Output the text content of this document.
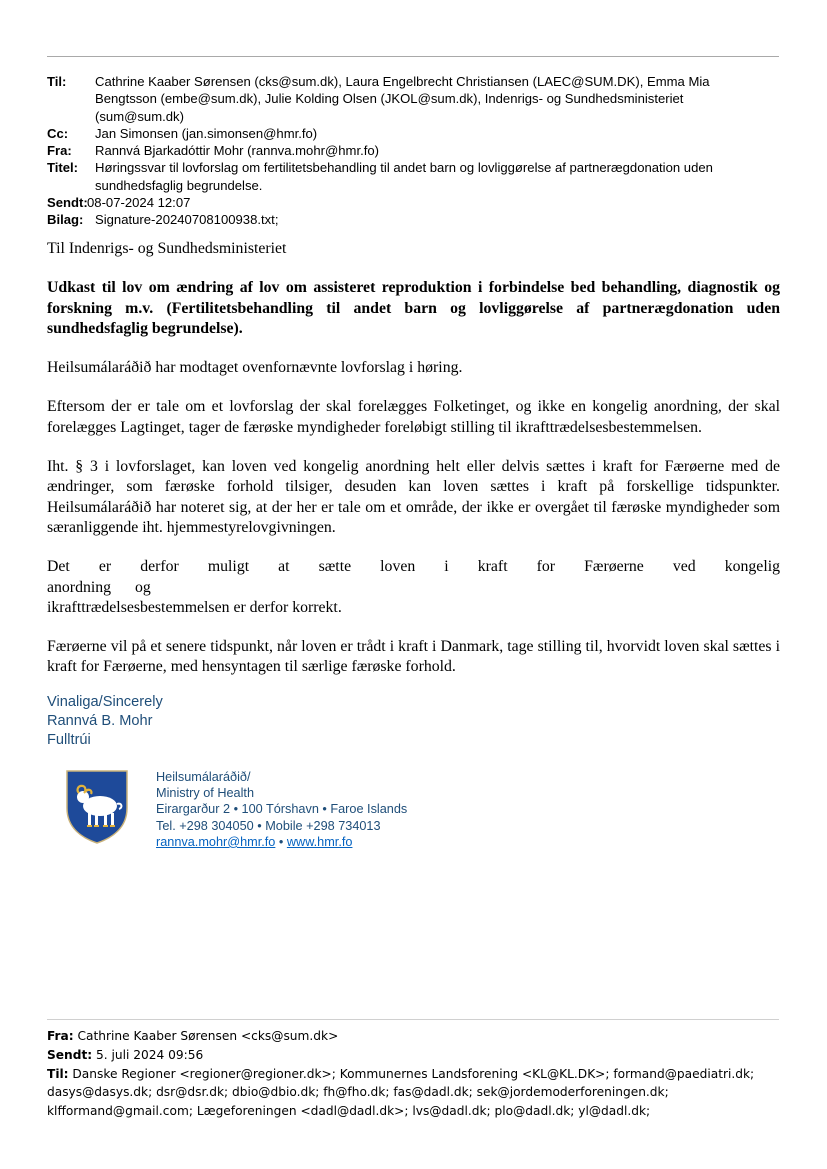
Til:	Cathrine Kaaber Sørensen (cks@sum.dk), Laura Engelbrecht Christiansen (LAEC@SUM.DK), Emma Mia
Bengtsson (embe@sum.dk), Julie Kolding Olsen (JKOL@sum.dk), Indenrigs- og Sundhedsministeriet
(sum@sum.dk)
Cc:	Jan Simonsen (jan.simonsen@hmr.fo)
Fra:	Rannvá Bjarkadóttir Mohr (rannva.mohr@hmr.fo)
Titel:	Høringssvar til lovforslag om fertilitetsbehandling til andet barn og lovliggørelse af partnerægdonation uden
sundhedsfaglig begrundelse.
Sendt: 08-07-2024 12:07
Bilag: Signature-20240708100938.txt;

Til Indenrigs- og Sundhedsministeriet

Udkast til lov om ændring af lov om assisteret reproduktion i forbindelse bed behandling, diagnostik og forskning m.v. (Fertilitetsbehandling til andet barn og lovliggørelse af partnerægdonation uden sundhedsfaglig begrundelse).

Heilsumálaráðið har modtaget ovenfornævnte lovforslag i høring.

Eftersom der er tale om et lovforslag der skal forelægges Folketinget, og ikke en kongelig anordning, der skal forelægges Lagtinget, tager de færøske myndigheder foreløbigt stilling til ikrafttrædelsesbestemmelsen.

Iht. § 3 i lovforslaget, kan loven ved kongelig anordning helt eller delvis sættes i kraft for Færøerne med de ændringer, som færøske forhold tilsiger, desuden kan loven sættes i kraft på forskellige tidspunkter. Heilsumálaráðið har noteret sig, at der her er tale om et område, der ikke er overgået til færøske myndigheder som særanliggende iht. hjemmestyrelovgivningen.

Det er derfor muligt at sætte loven i kraft for Færøerne ved kongelig anordning og
ikrafttrædelsesbestemmelsen er derfor korrekt.

Færøerne vil på et senere tidspunkt, når loven er trådt i kraft i Danmark, tage stilling til, hvorvidt loven skal sættes i kraft for Færøerne, med hensyntagen til særlige færøske forhold.

Vinaliga/Sincerely
Rannvá B. Mohr
Fulltrúi
Heilsumálaráðið/
Ministry of Health
Eirargarður 2 • 100 Tórshavn • Faroe Islands
Tel. +298 304050 • Mobile +298 734013
rannva.mohr@hmr.fo • www.hmr.fo
Fra: Cathrine Kaaber Sørensen <cks@sum.dk>
Sendt: 5. juli 2024 09:56
Til: Danske Regioner <regioner@regioner.dk>; Kommunernes Landsforening <KL@KL.DK>; formand@paediatri.dk;
dasys@dasys.dk; dsr@dsr.dk; dbio@dbio.dk; fh@fho.dk; fas@dadl.dk; sek@jordemoderforeningen.dk;
klfformand@gmail.com; Lægeforeningen <dadl@dadl.dk>; lvs@dadl.dk; plo@dadl.dk; yl@dadl.dk;
